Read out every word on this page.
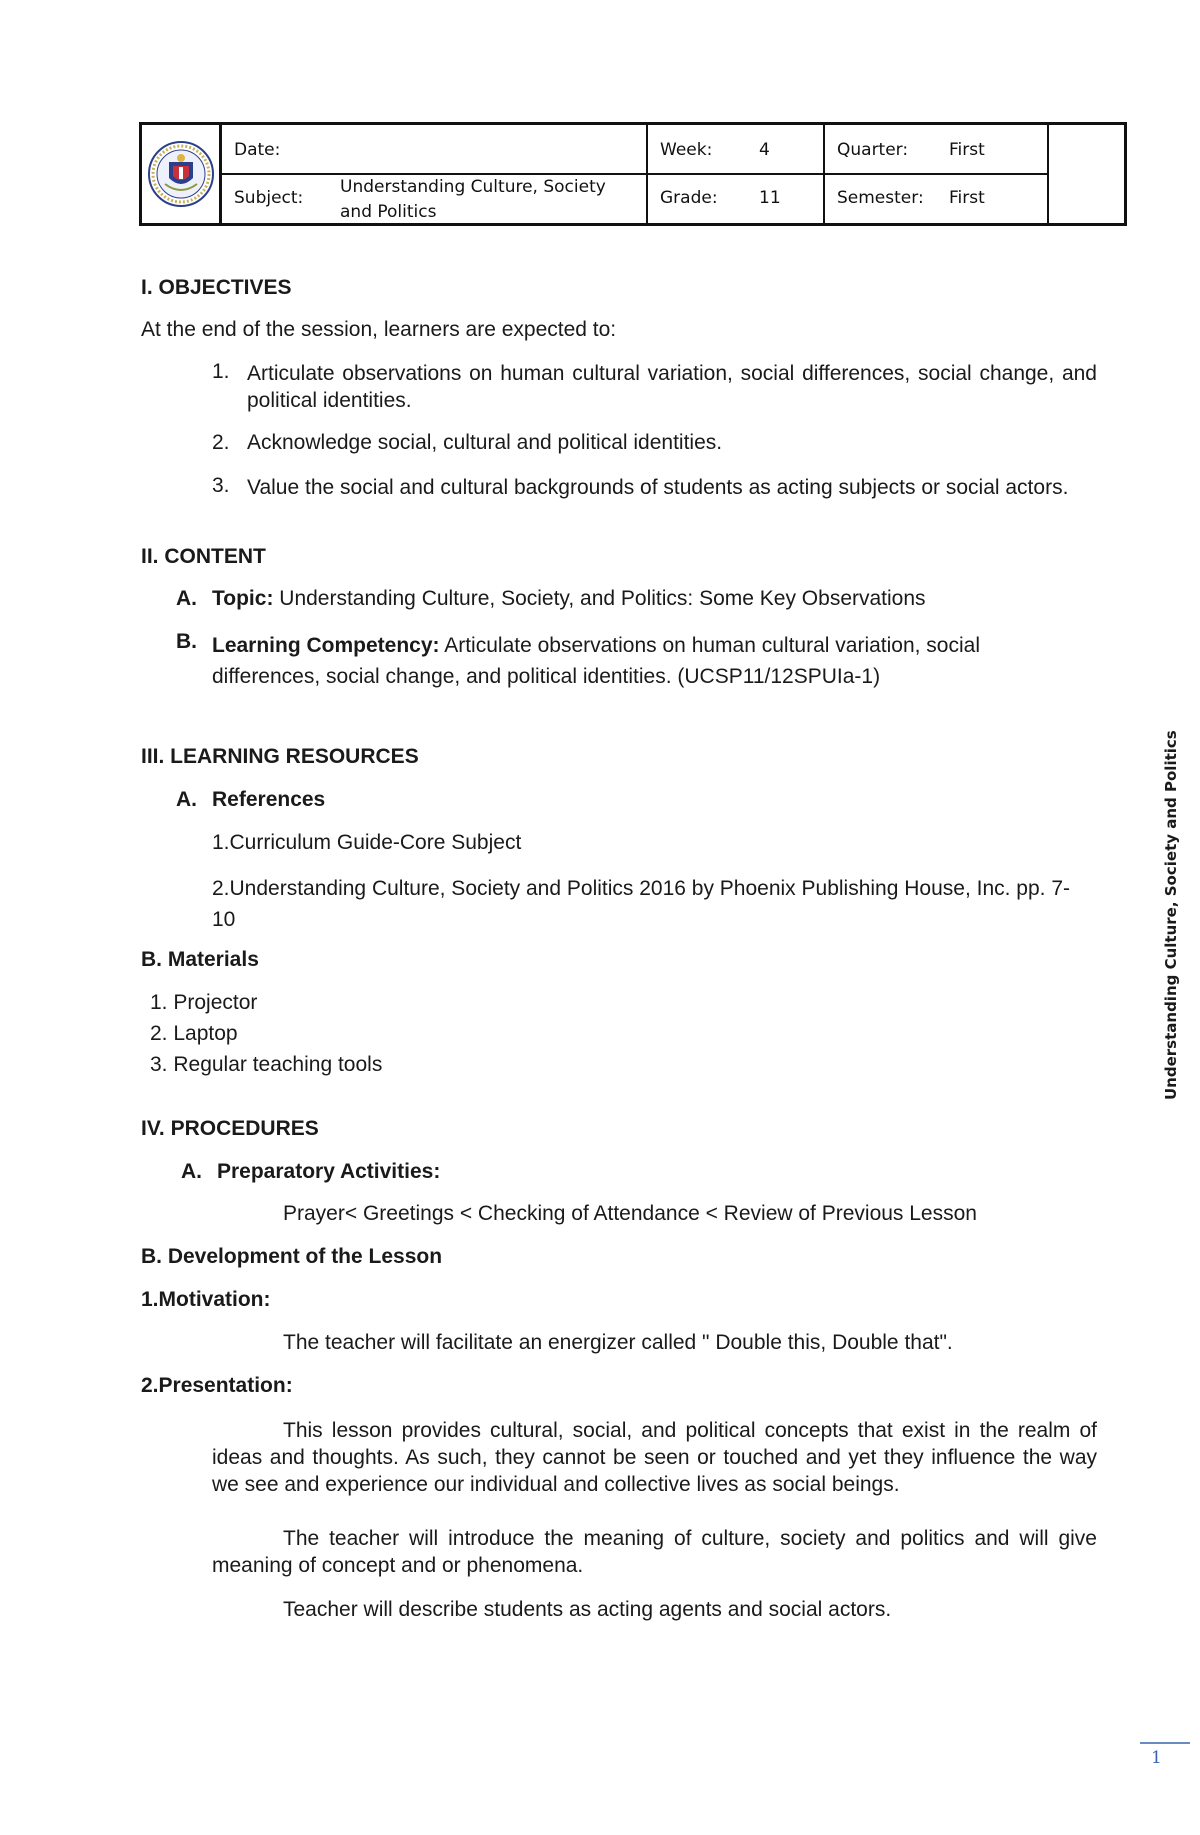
Date:
Subject:
Understanding Culture, Society
and Politics
Week:	4
Grade: 11
Quarter: First
Semester: First
I. OBJECTIVES
At the end of the session, learners are expected to:
1. Articulate observations on human cultural variation, social differences, social change, and political identities.
2. Acknowledge social, cultural and political identities.
3. Value the social and cultural backgrounds of students as acting subjects or social actors.
II. CONTENT
A. Topic: Understanding Culture, Society, and Politics: Some Key Observations
B. Learning Competency: Articulate observations on human cultural variation, social differences, social change, and political identities. (UCSP11/12SPUIa-1)
III. LEARNING RESOURCES
A. References
1.Curriculum Guide-Core Subject
2.Understanding Culture, Society and Politics 2016 by Phoenix Publishing House, Inc. pp. 7-10
B. Materials
1. Projector
2. Laptop
3. Regular teaching tools
IV. PROCEDURES
A. Preparatory Activities:
Prayer< Greetings < Checking of Attendance < Review of Previous Lesson
B. Development of the Lesson
1.Motivation:
The teacher will facilitate an energizer called " Double this, Double that".
2.Presentation:
This lesson provides cultural, social, and political concepts that exist in the realm of ideas and thoughts. As such, they cannot be seen or touched and yet they influence the way we see and experience our individual and collective lives as social beings.
The teacher will introduce the meaning of culture, society and politics and will give meaning of concept and or phenomena.
Teacher will describe students as acting agents and social actors.
Understanding Culture, Society and Politics
1
